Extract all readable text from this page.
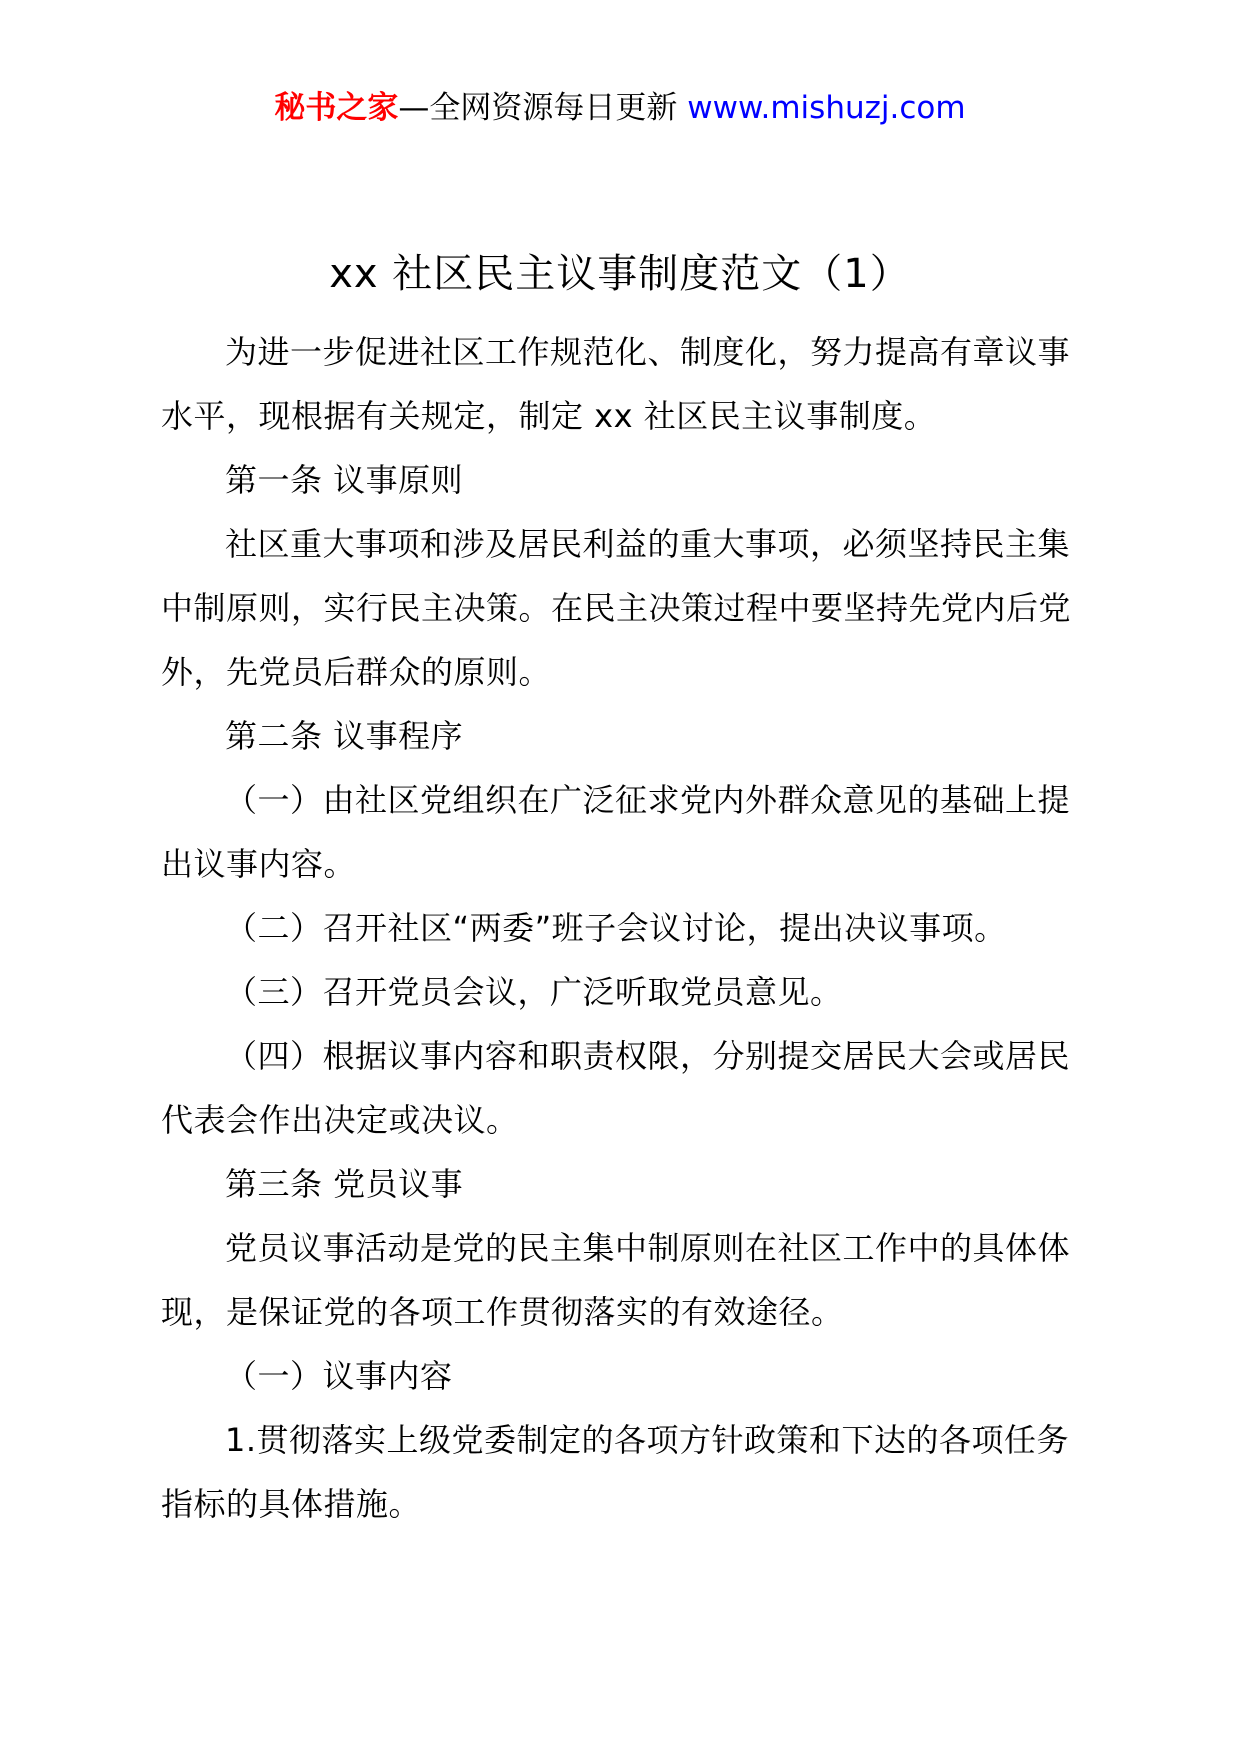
秘书之家—全网资源每日更新 www.mishuzj.com
xx 社区民主议事制度范文（1）

为进一步促进社区工作规范化、制度化，努力提高有章议事水平，现根据有关规定，制定 xx 社区民主议事制度。

第一条 议事原则

社区重大事项和涉及居民利益的重大事项，必须坚持民主集中制原则，实行民主决策。在民主决策过程中要坚持先党内后党外，先党员后群众的原则。

第二条 议事程序

（一）由社区党组织在广泛征求党内外群众意见的基础上提出议事内容。

（二）召开社区“两委”班子会议讨论，提出决议事项。

（三）召开党员会议，广泛听取党员意见。

（四）根据议事内容和职责权限，分别提交居民大会或居民代表会作出决定或决议。

第三条 党员议事

党员议事活动是党的民主集中制原则在社区工作中的具体体现，是保证党的各项工作贯彻落实的有效途径。

（一）议事内容

1.贯彻落实上级党委制定的各项方针政策和下达的各项任务指标的具体措施。
